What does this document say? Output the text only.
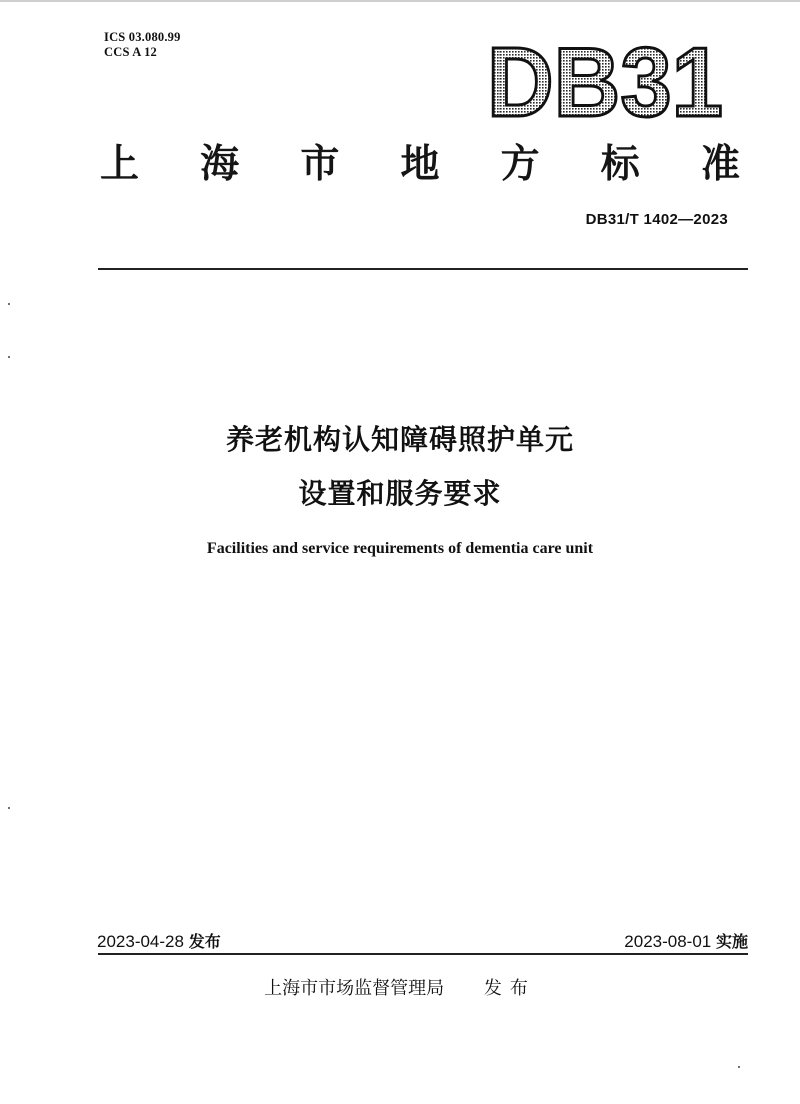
ICS 03.080.99
CCS A 12	DB31
上 海 市 地 方 标 准
DB31/T 1402—2023
养老机构认知障碍照护单元
设置和服务要求
Facilities and service requirements of dementia care unit
2023-04-28 发布	2023-08-01 实施
上海市市场监督管理局 发布
